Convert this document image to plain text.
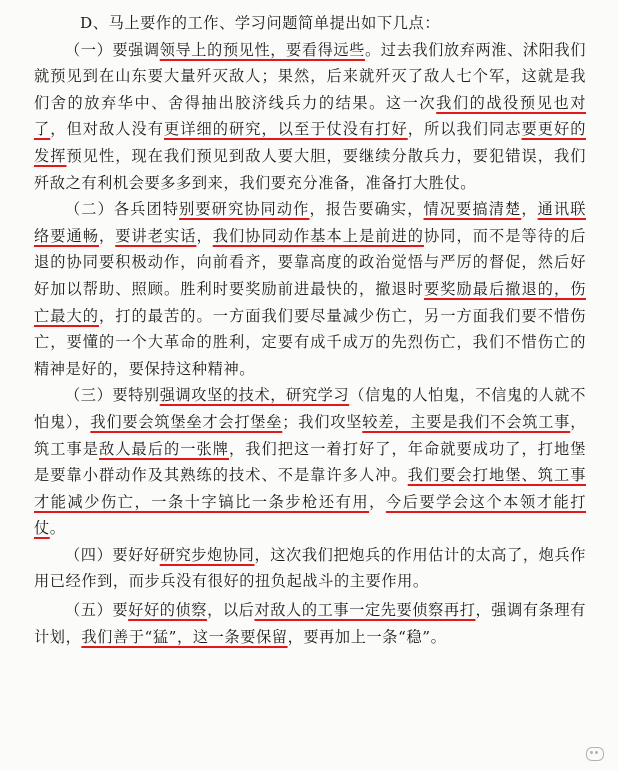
D、马上要作的工作、学习问题简单提出如下几点：

（一）要强调领导上的预见性，要看得远些。过去我们放弃两淮、沭阳我们就预见到在山东要大量歼灭敌人；果然，后来就歼灭了敌人七个军，这就是我们舍的放弃华中、舍得抽出胶济线兵力的结果。这一次我们的战役预见也对了，但对敌人没有更详细的研究，以至于仗没有打好，所以我们同志要更好的发挥预见性，现在我们预见到敌人要大胆，要继续分散兵力，要犯错误，我们歼敌之有利机会要多多到来，我们要充分准备，准备打大胜仗。

（二）各兵团特别要研究协同动作，报告要确实，情况要搞清楚，通讯联络要通畅，要讲老实话，我们协同动作基本上是前进的协同，而不是等待的后退的协同要积极动作，向前看齐，要靠高度的政治觉悟与严厉的督促，然后好好加以帮助、照顾。胜利时要奖励前进最快的，撤退时要奖励最后撤退的，伤亡最大的，打的最苦的。一方面我们要尽量减少伤亡，另一方面我们要不惜伤亡，要懂的一个大革命的胜利，定要有成千成万的先烈伤亡，我们不惜伤亡的精神是好的，要保持这种精神。

（三）要特别强调攻坚的技术，研究学习（信鬼的人怕鬼，不信鬼的人就不怕鬼），我们要会筑堡垒才会打堡垒；我们攻坚较差，主要是我们不会筑工事，筑工事是敌人最后的一张牌，我们把这一着打好了，年命就要成功了，打地堡是要靠小群动作及其熟练的技术、不是靠许多人冲。我们要会打地堡、筑工事才能减少伤亡，一条十字镐比一条步枪还有用，今后要学会这个本领才能打仗。

（四）要好好研究步炮协同，这次我们把炮兵的作用估计的太高了，炮兵作用已经作到，而步兵没有很好的扭负起战斗的主要作用。

（五）要好好的侦察，以后对敌人的工事一定先要侦察再打，强调有条理有计划，我们善于“猛”，这一条要保留，要再加上一条“稳”。
